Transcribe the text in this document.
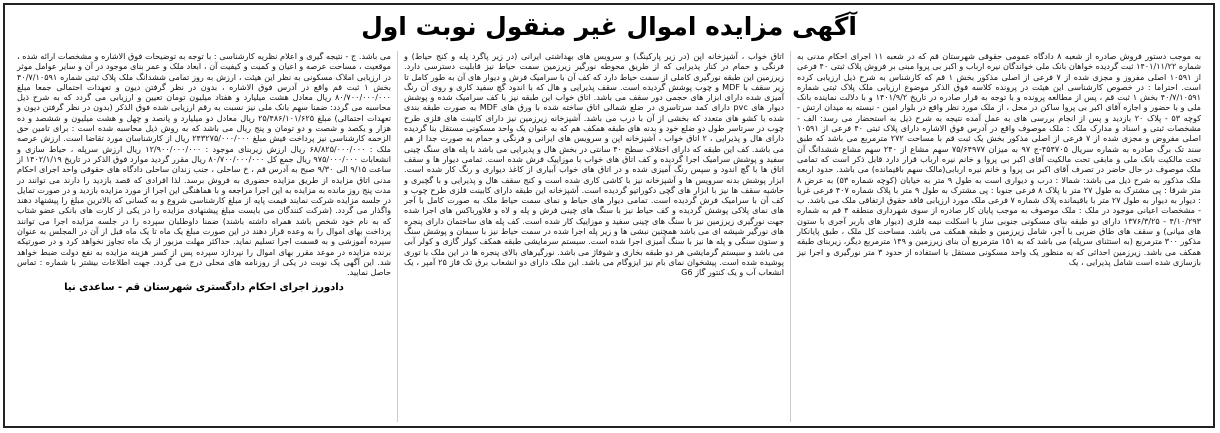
آگهی مزایده اموال غیر منقول نوبت اول

به موجب دستور فروش صادره از شعبه ۸ دادگاه عمومی حقوقی شهرستان قم که در شعبه ۱۱ اجرای احکام مدنی به شماره ۱۴۰۱/۱۱/۲۲ ثبت گردیده خواهان بانک ملی خواندگان نیره ارباب و اکبر بی پروا مبنی بر فروش پلاک ثبتی ۴۰ فرعی از ۱۰۵۹۱ اصلی مفروز و مجزی شده از ۷ فرعی از اصلی مذکور بخش ۱ قم که کارشناس به شرح ذیل ارزیابی کرده است. احتراما : در خصوص کارشناسی این هیئت در پرونده کلاسه فوق الذکر موضوع ارزیابی ملک پلاک ثبتی شماره ۴۰/۷/۱۰۵۹۱ بخش ۱ ثبت قم ، پس از مطالعه پرونده و با توجه به قرار صادره در تاریخ ۱۴۰۱/۹/۲ و با دلالت نماینده بانک ملی و با حضور و اجازه آقای اکبر بی پروا ساکن در محل ، از ملک مورد نظر واقع در بلوار امین - نبسته به میدان ارتش - کوچه ۵۳ - پلاک ۲۰ بازدید و پس از انجام بررسی های به عمل آمده نتیجه به شرح ذیل به استحضار می رسد: الف - مشخصات ثبتی و اسناد و مدارک ملک : ملک موصوف واقع در آدرس فوق الاشاره دارای پلاک ثبتی ۴۰ فرعی از ۱۰۵۹۱ اصلی مفروض و مجزی شده از ۷ فرعی از اصلی مذکور بخش یک ثبت قم با مساحت ۲۷۲ مترمربع می باشد که طبق سند تک برگ صادره به شماره سریال ۴۵۴۷۰۵-ج ۹۷ به میزان ۷۵/۶۴۹۷۷ سهم مشاع از ۲۴۰ سهم مشاع ششدانگ آن تحت مالکیت بانک ملی و مابقی تحت مالکیت آقای اکبر بی پروا و خانم نیره ارباب قرار دارد قابل ذکر است که تمامی ملک موصوف در حال حاضر در تصرف آقای اکبر بی پروا و خانم نیره اربابی(مالک سهم باقیمانده) می باشد. حدود اربعه ملک مذکور به شرح ذیل می باشد: شمالا : درب و دیواری است به طول ۹ متر به خیابان (کوچه شماره ۵۳) به عرض ۸ متر شرقا : پی مشترک به طول ۲۷ متر با پلاک ۸ فرعی جنوبا : پی مشترک به طول ۹ متر با پلاک شماره ۴۰۷ فرعی غربا : دیوار به دیوار به طول ۲۷ متر با باقیمانده پلاک شماره ۷ فرعی ملک مورد ارزیابی فاقد حقوق ارتفاقی ملک می باشد. ب - مشخصات اعیانی موجود در ملک : ملک موصوف به موجب پایان کار صادره از سوی شهرداری منطقه ۴ قم به شماره ۴/۱۰/۲۹۳ - ۱۳۷۶/۳/۲۵ دارای دو طبقه بنای مسکونی جنوبی ساز با اسکلت نیمه فلزی (دیوار های باربر آجری با ستون های میانی) و سقف های طاق ضربی با آجر، شامل زیرزمین و طبقه همکف می باشد. مساحت کل ملک ، طبق پایانکار مذکور ۳۰۰ مترمربع (به استثنای سرپله) می باشد که به ۱۵۱ مترمربع آن بنای زیرزمین و ۱۴۹ مترمربع دیگر، زیربنای طبقه همکف می باشد. زیرزمین احداثی که به منظور یک واحد مسکونی مستقل با استفاده از حدود ۳ متر نورگیری و اجرا نیز بازسازی شده است شامل پذیرایی ، یک

اتاق خواب ، آشپزخانه اپن (در زیر پارکینگ) و سرویس های بهداشتی ایرانی (در زیر پاگرد پله و کنج حیاط) و فرنگی و حمام در کنار پذیرایی که از طریق محوطه نورگیر زیرزمین سمت حیاط نیز قابلیت دسترسی دارد. زیرزمین این طبقه نورگیری کاملی از سمت حیاط دارد که کف آن با سرامیک فرش و دیوار های آن به طور کامل تا زیر سقف با MDF و چوب پوشش گردیده است. سقف پذیرایی و هال که با اندود گچ سفید کاری و روی آن رنگ آمیزی شده دارای ابزار های حجمی دور سقف می باشد. اتاق خواب این طبقه نیز با کف سرامیک شده و پوشش دیوار های pvc دارای کمد سرتاسری در ضلع شمالی اتاق ساخته شده با ورق های MDF به صورت طبقه بندی شده با کشو های متعدد که بخشی از آن با درب می باشد. آشپزخانه زیرزمین نیز دارای کابینت های فلزی طرح چوب در سرتاسر طول دو ضلع خود و بدنه های طبقه همکف هم که به عنوان یک واحد مسکونی مستقل بنا گردیده دارای هال و پذیرایی ، ۲ اتاق خواب ، آشپزخانه اپن و سرویس های ایرانی و فرنگی و حمام به صورت جدا از هم می باشد. کف این طبقه که دارای اختلاف سطح ۴۰ سانتی در بخش هال و پذیرایی می باشد با پله های سنگ چینی سفید و پوشش سرامیک اجرا گردیده و کف اتاق های خواب با موزاییک فرش شده است. تمامی دیوار ها و سقف اتاق ها با گچ اندود و سپس رنگ آمیزی شده و در اتاق های خواب آبیاری از کاغذ دیواری و رنگ کار شده است. ابزار پوشش بدنه سرویس ها و آشپزخانه نیز با کاشی کاری شده است و کنج سقف هال و پذیرایی و با گچبری و حاشیه سقف ها نیز با ابزار های گچی دکوراتیو گردیده است. آشپزخانه این طبقه دارای کابینت فلزی طرح چوب و کف آن با سرامیک فرش گردیده است. تمامی دیوار های حیاط و نمای سمت حیاط ملک به صورت کامل با آجر های نمای پلاکی پوشش گردیده و کف حیاط نیز با سنگ های چینی فرش و پله و لاه و فلاورباکس های اجرا شده جهت نورگیری زیرزمین نیز با سنگ های چینی سفید و موزاییک کار شده است. کف پله های ساختمان دارای پنجره های نورگیر شیشه ای می باشد همچنین نبشی ها و زیر پله اجرا شده در سمت حیاط نیز با سیمان و پوشش سنگ و ستون سنگی و پله ها نیز با سنگ آمیزی اجرا شده است. سیستم سرمایشی طبقه همکف کولر گازی و کولر آبی می باشد و سیستم گرمایشی هر دو طبقه بخاری و شوفاژ می باشد. نورگیرهای بالای پنجره ها در این ملک با توری پوشیده شده است. پیشخوان نمای بام نیز ایزوگام می باشد. این ملک دارای دو انشعاب برق تک فاز ۲۵ آمپر ، یک انشعاب آب و یک کنتور گاز G6

می باشد. ج - نتیجه گیری و اعلام نظریه کارشناسی : با توجه به توضیحات فوق الاشاره و مشخصات ارائه شده ، موقعیت ، مساحت عرصه و اعیان و کمیت و کیفیت آن ، ابعاد ملک و عمر بنای موجود در آن و سایر عوامل موثر در ارزیابی املاک مسکونی به نظر این هیئت ، ارزش به روز تمامی ششدانگ ملک پلاک ثبتی شماره ۴۰/۷/۱۰۵۹۱ بخش ۱ ثبت قم واقع در آدرس فوق الاشاره ، بدون در نظر گرفتن دیون و تعهدات احتمالی جمعا مبلغ ۸۰/۷۰۰/۰۰۰/۰۰۰ ریال معادل هشت میلیارد و هفتاد میلیون تومان تعیین و ارزیابی می گردد که به شرح ذیل محاسبه می گردد: ضمنا سهم بانک ملی نیز نسبت به رقم ارزیابی شده فوق الذکر (بدون در نظر گرفتن دیون و تعهدات احتمالی) مبلغ ۲۵/۴۸۶/۱۰۱/۶۲۵ ریال معادل دو میلیارد و پانصد و چهل و هشت میلیون و ششصد و ده هزار و یکصد و شصت و دو تومان و پنج ریال می باشد که به روش ذیل محاسبه شده است : برای تامین حق الزحمه کارشناسی نیز پرداخت فیش مبلغ ۲۴۳۲۷۵/۰۰۰/۰۰۰ ریال از کارشناسان مورد تقاضا است. ارزش عرصه ملک : ۶۸/۸۲۵/۰۰۰/۰۰۰ ریال ارزش زیربنای موجود : ۱۲/۹۰۰/۰۰۰/۰۰۰ ریال ارزش سرپله ، حیاط سازی و انشعابات ۹۷۵/۰۰۰/۰۰۰ ریال جمع کل ۸۰/۷۰۰/۰۰۰/۰۰۰ ریال مقرر گردید موارد فوق الذکر در تاریخ ۱۴۰۲/۱/۱۹ از ساعت ۹/۱۵ الی ۹/۳۰ صبح به آدرس قم ، خ ساحلی ، جنب زندان ساحلی دادگاه های حقوقی واحد اجرای احکام مدنی اتاق مزایده از طریق مزایده حضوری به فروش برسد. لذا افرادی که قصد بازدید را دارند می توانند در مدت پنج روز مانده به مزایده به این اجرا مراجعه و با هماهنگی این اجرا از مورد مزایده بازدید و در صورت تمایل در جلسه مزایده شرکت نمایند قیمت پایه از مبلغ کارشناسی شروع و به کسانی که بالاترین مبلغ را پیشنهاد دهند واگذار می گردد. (شرکت کنندگان می بایست مبلغ پیشنهادی مزایده را در یکی از کارت های بانکی عضو شتاب که به نام خود شخص باشد همراه داشته باشند) ضمنا داوطلبان سپرده را در جلسه مزایده اجرا می توانند پرداخت بهای اموال را به وعده قرار دهند در این صورت مبلغ یک ماه تا یک ماه قبل از آن در المجلس به عنوان سپرده آموزشی و به قسمت اجرا تسلیم نماید. حداکثر مهلت مزبور از یک ماه تجاوز نخواهد کرد و در صورتیکه برنده مزایده در موعد مقرر بهای اموال را نپردازد سپرده پس از کسر هزینه مزایده به نفع دولت ضبط خواهد شد. این آگهی یک نوبت در یکی از روزنامه های محلی درج می گردد. جهت اطلاعات بیشتر با شماره : تماس حاصل نمایید.

دادورز اجرای احکام دادگستری شهرستان قم - ساعدی نیا
